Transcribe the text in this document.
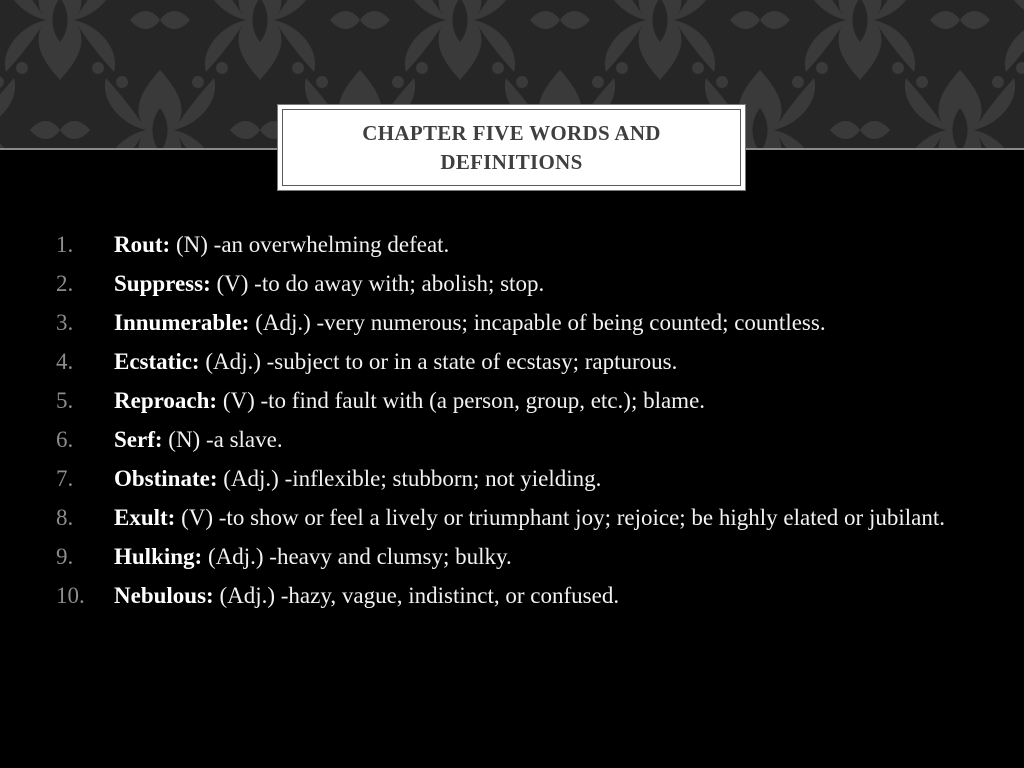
CHAPTER FIVE WORDS AND DEFINITIONS
1.	Rout: (N) -an overwhelming defeat.
2.	Suppress: (V) -to do away with; abolish; stop.
3.	Innumerable: (Adj.) -very numerous; incapable of being counted; countless.
4.	Ecstatic: (Adj.) -subject to or in a state of ecstasy; rapturous.
5.	Reproach: (V) -to find fault with (a person, group, etc.); blame.
6.	Serf: (N) -a slave.
7.	Obstinate: (Adj.) -inflexible; stubborn; not yielding.
8.	Exult: (V) -to show or feel a lively or triumphant joy; rejoice; be highly elated or jubilant.
9.	Hulking: (Adj.) -heavy and clumsy; bulky.
10.	Nebulous: (Adj.) -hazy, vague, indistinct, or confused.
